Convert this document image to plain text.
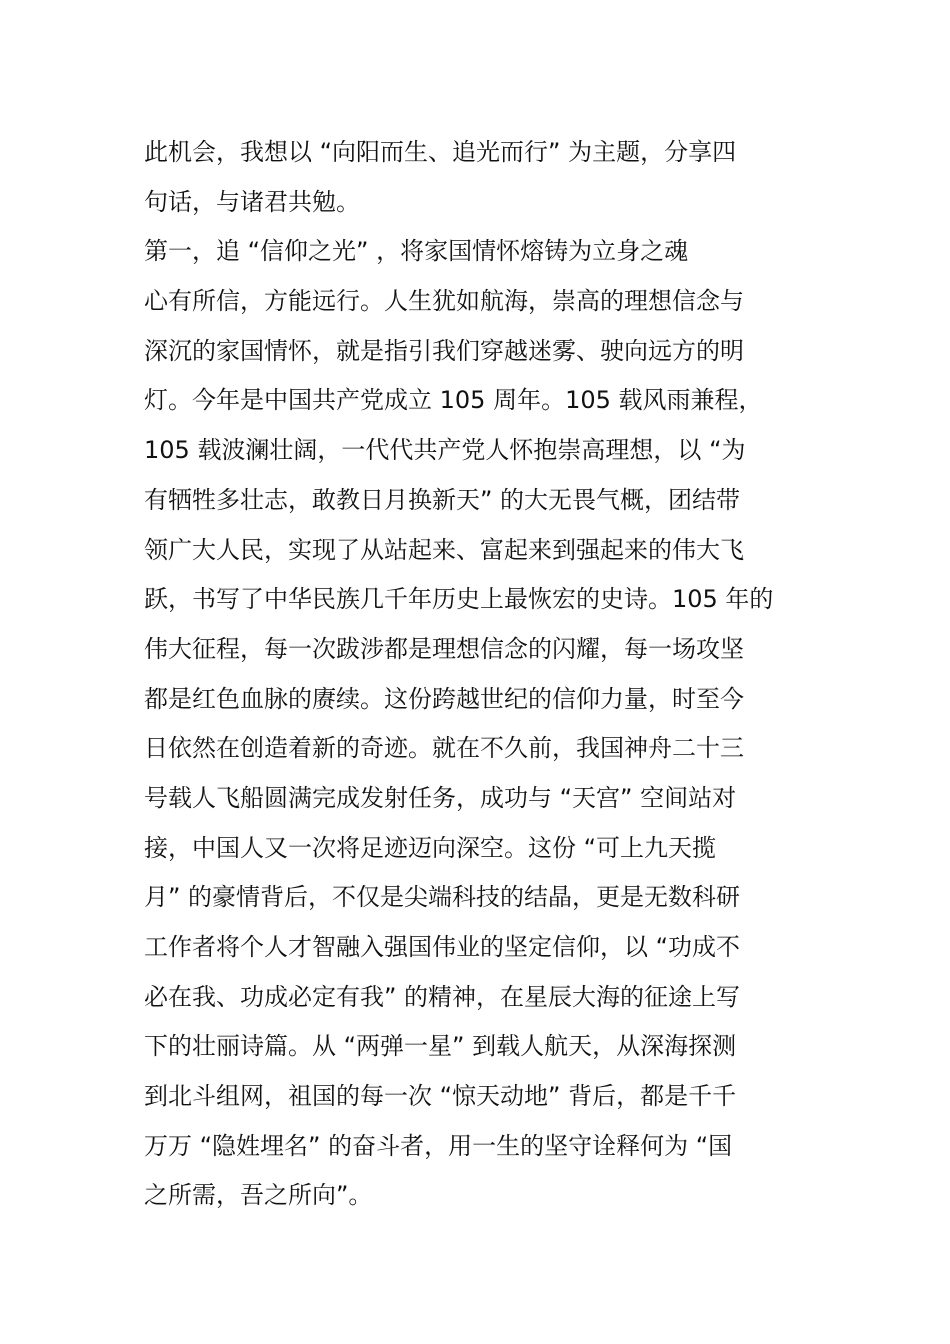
此机会，我想以 “向阳而生、追光而行” 为主题，分享四
句话，与诸君共勉。
第一，追 “信仰之光” ，将家国情怀熔铸为立身之魂
心有所信，方能远行。人生犹如航海，崇高的理想信念与
深沉的家国情怀，就是指引我们穿越迷雾、驶向远方的明
灯。今年是中国共产党成立 105 周年。105 载风雨兼程，
105 载波澜壮阔，一代代共产党人怀抱崇高理想，以 “为
有牺牲多壮志，敢教日月换新天” 的大无畏气概，团结带
领广大人民，实现了从站起来、富起来到强起来的伟大飞
跃，书写了中华民族几千年历史上最恢宏的史诗。105 年的
伟大征程，每一次跋涉都是理想信念的闪耀，每一场攻坚
都是红色血脉的赓续。这份跨越世纪的信仰力量，时至今
日依然在创造着新的奇迹。就在不久前，我国神舟二十三
号载人飞船圆满完成发射任务，成功与 “天宫” 空间站对
接，中国人又一次将足迹迈向深空。这份 “可上九天揽
月” 的豪情背后，不仅是尖端科技的结晶，更是无数科研
工作者将个人才智融入强国伟业的坚定信仰，以 “功成不
必在我、功成必定有我” 的精神，在星辰大海的征途上写
下的壮丽诗篇。从 “两弹一星” 到载人航天，从深海探测
到北斗组网，祖国的每一次 “惊天动地” 背后，都是千千
万万 “隐姓埋名” 的奋斗者，用一生的坚守诠释何为 “国
之所需，吾之所向”。
